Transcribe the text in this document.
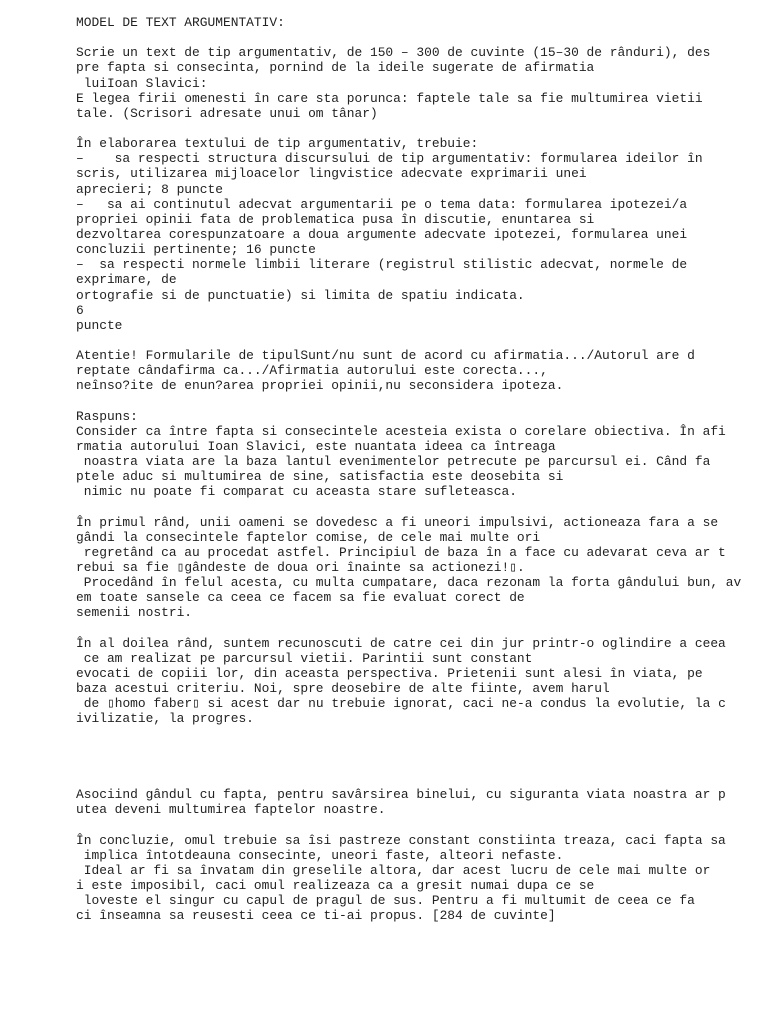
MODEL DE TEXT ARGUMENTATIV:
Scrie un text de tip argumentativ, de 150 – 300 de cuvinte (15–30 de rânduri), des
pre fapta si consecinta, pornind de la ideile sugerate de afirmatia
luiIoan Slavici:
E legea firii omenesti în care sta porunca: faptele tale sa fie multumirea vietii
tale. (Scrisori adresate unui om tânar)
În elaborarea textului de tip argumentativ, trebuie:
–    sa respecti structura discursului de tip argumentativ: formularea ideilor în
scris, utilizarea mijloacelor lingvistice adecvate exprimarii unei
aprecieri; 8 puncte
–   sa ai continutul adecvat argumentarii pe o tema data: formularea ipotezei/a
propriei opinii fata de problematica pusa în discutie, enuntarea si
dezvoltarea corespunzatoare a doua argumente adecvate ipotezei, formularea unei
concluzii pertinente; 16 puncte
–  sa respecti normele limbii literare (registrul stilistic adecvat, normele de
exprimare, de
ortografie si de punctuatie) si limita de spatiu indicata.
6
puncte
Atentie! Formularile de tipulSunt/nu sunt de acord cu afirmatia.../Autorul are d
reptate cândafirma ca.../Afirmatia autorului este corecta...,
neînso?ite de enun?area propriei opinii,nu seconsidera ipoteza.
Raspuns:
Consider ca între fapta si consecintele acesteia exista o corelare obiectiva. În afi
rmatia autorului Ioan Slavici, este nuantata ideea ca întreaga
noastra viata are la baza lantul evenimentelor petrecute pe parcursul ei. Când fa
ptele aduc si multumirea de sine, satisfactia este deosebita si
nimic nu poate fi comparat cu aceasta stare sufleteasca.
În primul rând, unii oameni se dovedesc a fi uneori impulsivi, actioneaza fara a se
gândi la consecintele faptelor comise, de cele mai multe ori
regretând ca au procedat astfel. Principiul de baza în a face cu adevarat ceva ar t
rebui sa fie ▯gândeste de doua ori înainte sa actionezi!▯.
Procedând în felul acesta, cu multa cumpatare, daca rezonam la forta gândului bun, av
em toate sansele ca ceea ce facem sa fie evaluat corect de
semenii nostri.
În al doilea rând, suntem recunoscuti de catre cei din jur printr-o oglindire a ceea
ce am realizat pe parcursul vietii. Parintii sunt constant
evocati de copiii lor, din aceasta perspectiva. Prietenii sunt alesi în viata, pe
baza acestui criteriu. Noi, spre deosebire de alte fiinte, avem harul
de ▯homo faber▯ si acest dar nu trebuie ignorat, caci ne-a condus la evolutie, la c
ivilizatie, la progres.
Asociind gândul cu fapta, pentru savârsirea binelui, cu siguranta viata noastra ar p
utea deveni multumirea faptelor noastre.
În concluzie, omul trebuie sa îsi pastreze constant constiinta treaza, caci fapta sa
implica întotdeauna consecinte, uneori faste, alteori nefaste.
Ideal ar fi sa învatam din greselile altora, dar acest lucru de cele mai multe or
i este imposibil, caci omul realizeaza ca a gresit numai dupa ce se
loveste el singur cu capul de pragul de sus. Pentru a fi multumit de ceea ce fa
ci înseamna sa reusesti ceea ce ti-ai propus. [284 de cuvinte]
